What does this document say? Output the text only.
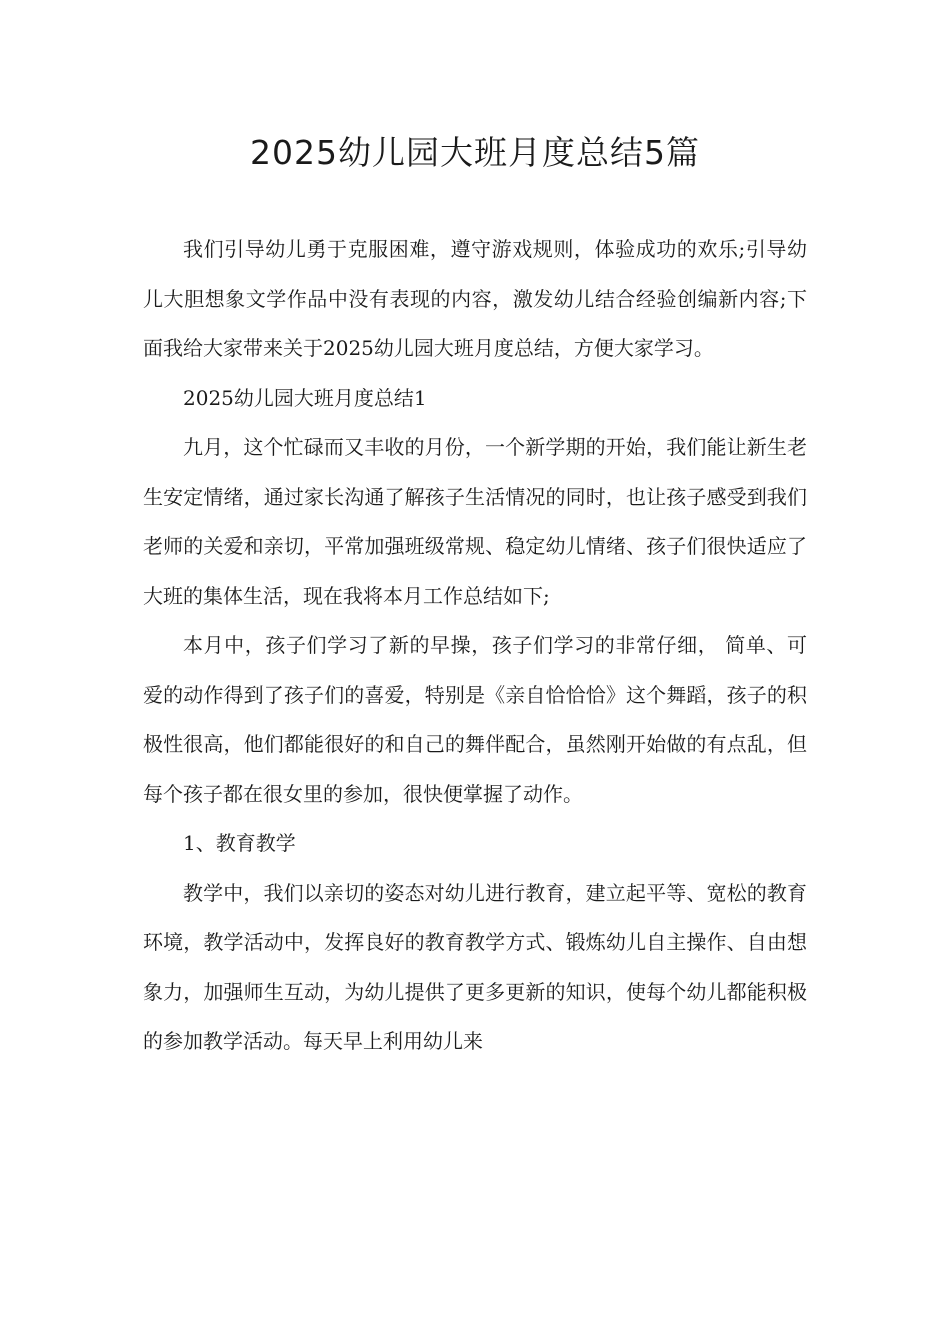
2025幼儿园大班月度总结5篇

我们引导幼儿勇于克服困难，遵守游戏规则，体验成功的欢乐;引导幼儿大胆想象文学作品中没有表现的内容，激发幼儿结合经验创编新内容;下面我给大家带来关于2025幼儿园大班月度总结，方便大家学习。

2025幼儿园大班月度总结1

九月，这个忙碌而又丰收的月份，一个新学期的开始，我们能让新生老生安定情绪，通过家长沟通了解孩子生活情况的同时，也让孩子感受到我们老师的关爱和亲切，平常加强班级常规、稳定幼儿情绪、孩子们很快适应了大班的集体生活，现在我将本月工作总结如下;

本月中，孩子们学习了新的早操，孩子们学习的非常仔细， 简单、可爱的动作得到了孩子们的喜爱，特别是《亲自恰恰恰》这个舞蹈，孩子的积极性很高，他们都能很好的和自己的舞伴配合，虽然刚开始做的有点乱，但每个孩子都在很女里的参加，很快便掌握了动作。

1、教育教学

教学中，我们以亲切的姿态对幼儿进行教育，建立起平等、宽松的教育环境，教学活动中，发挥良好的教育教学方式、锻炼幼儿自主操作、自由想象力，加强师生互动，为幼儿提供了更多更新的知识，使每个幼儿都能积极的参加教学活动。每天早上利用幼儿来
